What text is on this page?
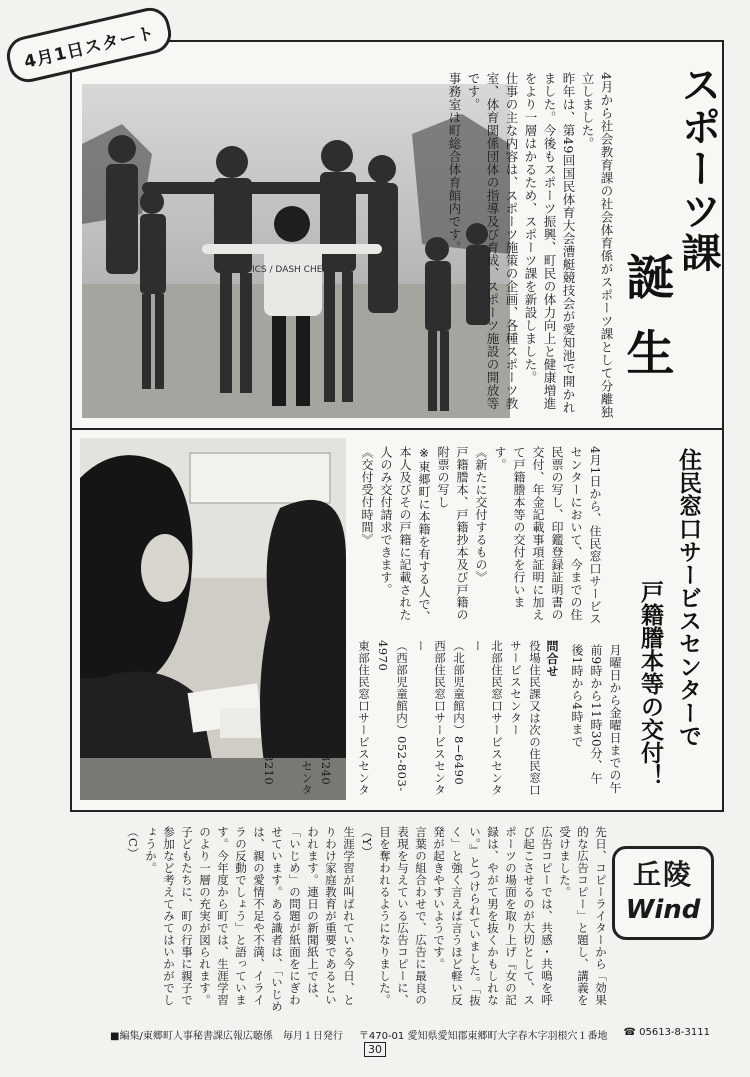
ASICS / DASH CHEETAH	4月から社会教育課の社会体育係がスポーツ課として分離独立しました。
昨年は、第49回国民体育大会漕艇競技会が愛知池で開かれました。今後もスポーツ振興、町民の体力向上と健康増進をより一層はかるため、スポーツ課を新設しました。
仕事の主な内容は、スポーツ施策の企画、各種スポーツ教室、体育関係団体の指導及び育成、スポーツ施設の開放等です。
事務室は町総合体育館内です。	スポーツ課
誕生
4月1日スタート
4月1日から、住民窓口サービスセンターにおいて、今までの住民票の写し、印鑑登録証明書の交付、年金記載事項証明に加えて戸籍謄本等の交付を行います。
《新たに交付するもの》
戸籍謄本、戸籍抄本及び戸籍の附票の写し
※東郷町に本籍を有する人で、本人及びその戸籍に記載された人のみ交付請求できます。
《交付受付時間》
月曜日から金曜日までの午前9時から11時30分、午後1時から4時まで
問合せ
役場住民課又は次の住民窓口サービスセンター
北部住民窓口サービスセンター
（北部児童館内）8−6490
西部住民窓口サービスセンター
（西部児童館内）052-803-4970
東部住民窓口サービスセンター
（東部児童館内）9−3240
南部住民窓口サービスセンター
（南部児童館内）8−8210	住民窓口サービスセンターで
戸籍謄本等の交付！
先日、コピーライターから「効果的な広告コピー」と題し、講義を受けました。
広告コピーでは、共感・共鳴を呼び起こさせるのが大切として、スポーツの場面を取り上げ『女の記録は、やがて男を抜くかもしれない。』とつけられていました。「抜く」と強く言えば言うほど軽い反発が起きやすいようです。
言葉の組合わせで、広告に最良の表現を与えている広告コピーに、目を奪われるようになりました。
（Y）
生涯学習が叫ばれている今日、とりわけ家庭教育が重要であるといわれます。連日の新聞紙上では、「いじめ」の問題が紙面をにぎわせています。ある識者は、「いじめは、親の愛情不足や不満、イライラの反動でしょう」と語っています。今年度から町では、生涯学習のより一層の充実が図られます。子どもたちに、町の行事に親子で参加など考えてみてはいかがでしょうか。
（C）
丘陵
Wind
■編集/東郷町人事秘書課広報広聴係　毎月１日発行 〒470-01 愛知県愛知郡東郷町大字春木字羽根穴１番地 ☎ 05613-8-3111
30
